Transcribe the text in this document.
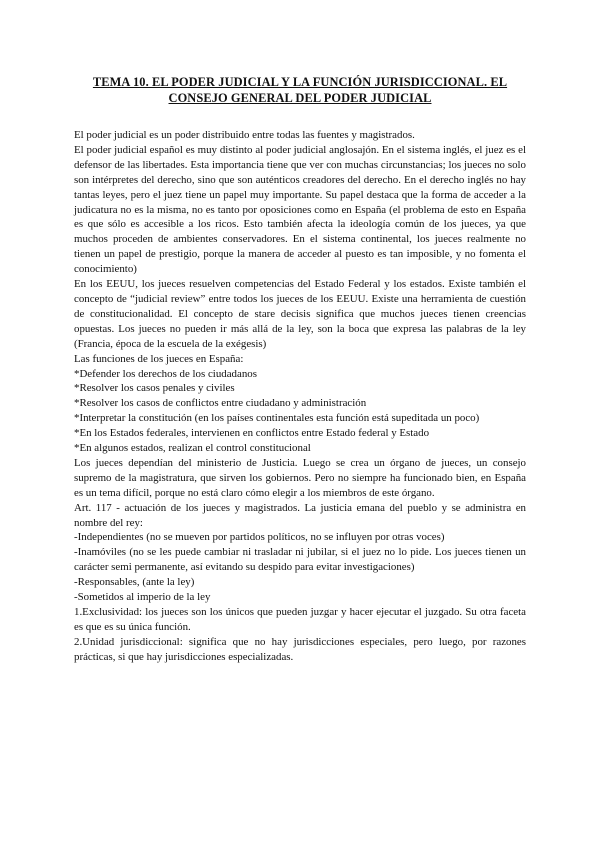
TEMA 10. EL PODER JUDICIAL Y LA FUNCIÓN JURISDICCIONAL. EL
CONSEJO GENERAL DEL PODER JUDICIAL

El poder judicial es un poder distribuido entre todas las fuentes y magistrados.

El poder judicial español es muy distinto al poder judicial anglosajón. En el sistema inglés, el juez es el defensor de las libertades. Esta importancia tiene que ver con muchas circunstancias; los jueces no solo son intérpretes del derecho, sino que son auténticos creadores del derecho. En el derecho inglés no hay tantas leyes, pero el juez tiene un papel muy importante. Su papel destaca que la forma de acceder a la judicatura no es la misma, no es tanto por oposiciones como en España (el problema de esto en España es que sólo es accesible a los ricos. Esto también afecta la ideología común de los jueces, ya que muchos proceden de ambientes conservadores. En el sistema continental, los jueces realmente no tienen un papel de prestigio, porque la manera de acceder al puesto es tan imposible, y no fomenta el conocimiento)

En los EEUU, los jueces resuelven competencias del Estado Federal y los estados. Existe también el concepto de “judicial review” entre todos los jueces de los EEUU. Existe una herramienta de cuestión de constitucionalidad. El concepto de stare decisis significa que muchos jueces tienen creencias opuestas. Los jueces no pueden ir más allá de la ley, son la boca que expresa las palabras de la ley (Francia, época de la escuela de la exégesis)

Las funciones de los jueces en España:

*Defender los derechos de los ciudadanos

*Resolver los casos penales y civiles

*Resolver los casos de conflictos entre ciudadano y administración

*Interpretar la constitución (en los países continentales esta función está supeditada un poco)

*En los Estados federales, intervienen en conflictos entre Estado federal y Estado

*En algunos estados, realizan el control constitucional

Los jueces dependían del ministerio de Justicia. Luego se crea un órgano de jueces, un consejo supremo de la magistratura, que sirven los gobiernos. Pero no siempre ha funcionado bien, en España es un tema difícil, porque no está claro cómo elegir a los miembros de este órgano.

Art. 117 - actuación de los jueces y magistrados. La justicia emana del pueblo y se administra en nombre del rey:

-Independientes (no se mueven por partidos políticos, no se influyen por otras voces)

-Inamóviles (no se les puede cambiar ni trasladar ni jubilar, si el juez no lo pide. Los jueces tienen un carácter semi permanente, así evitando su despido para evitar investigaciones)

-Responsables, (ante la ley)

-Sometidos al imperio de la ley

1.Exclusividad: los jueces son los únicos que pueden juzgar y hacer ejecutar el juzgado. Su otra faceta es que es su única función.

2.Unidad jurisdiccional: significa que no hay jurisdicciones especiales, pero luego, por razones prácticas, si que hay jurisdicciones especializadas.
